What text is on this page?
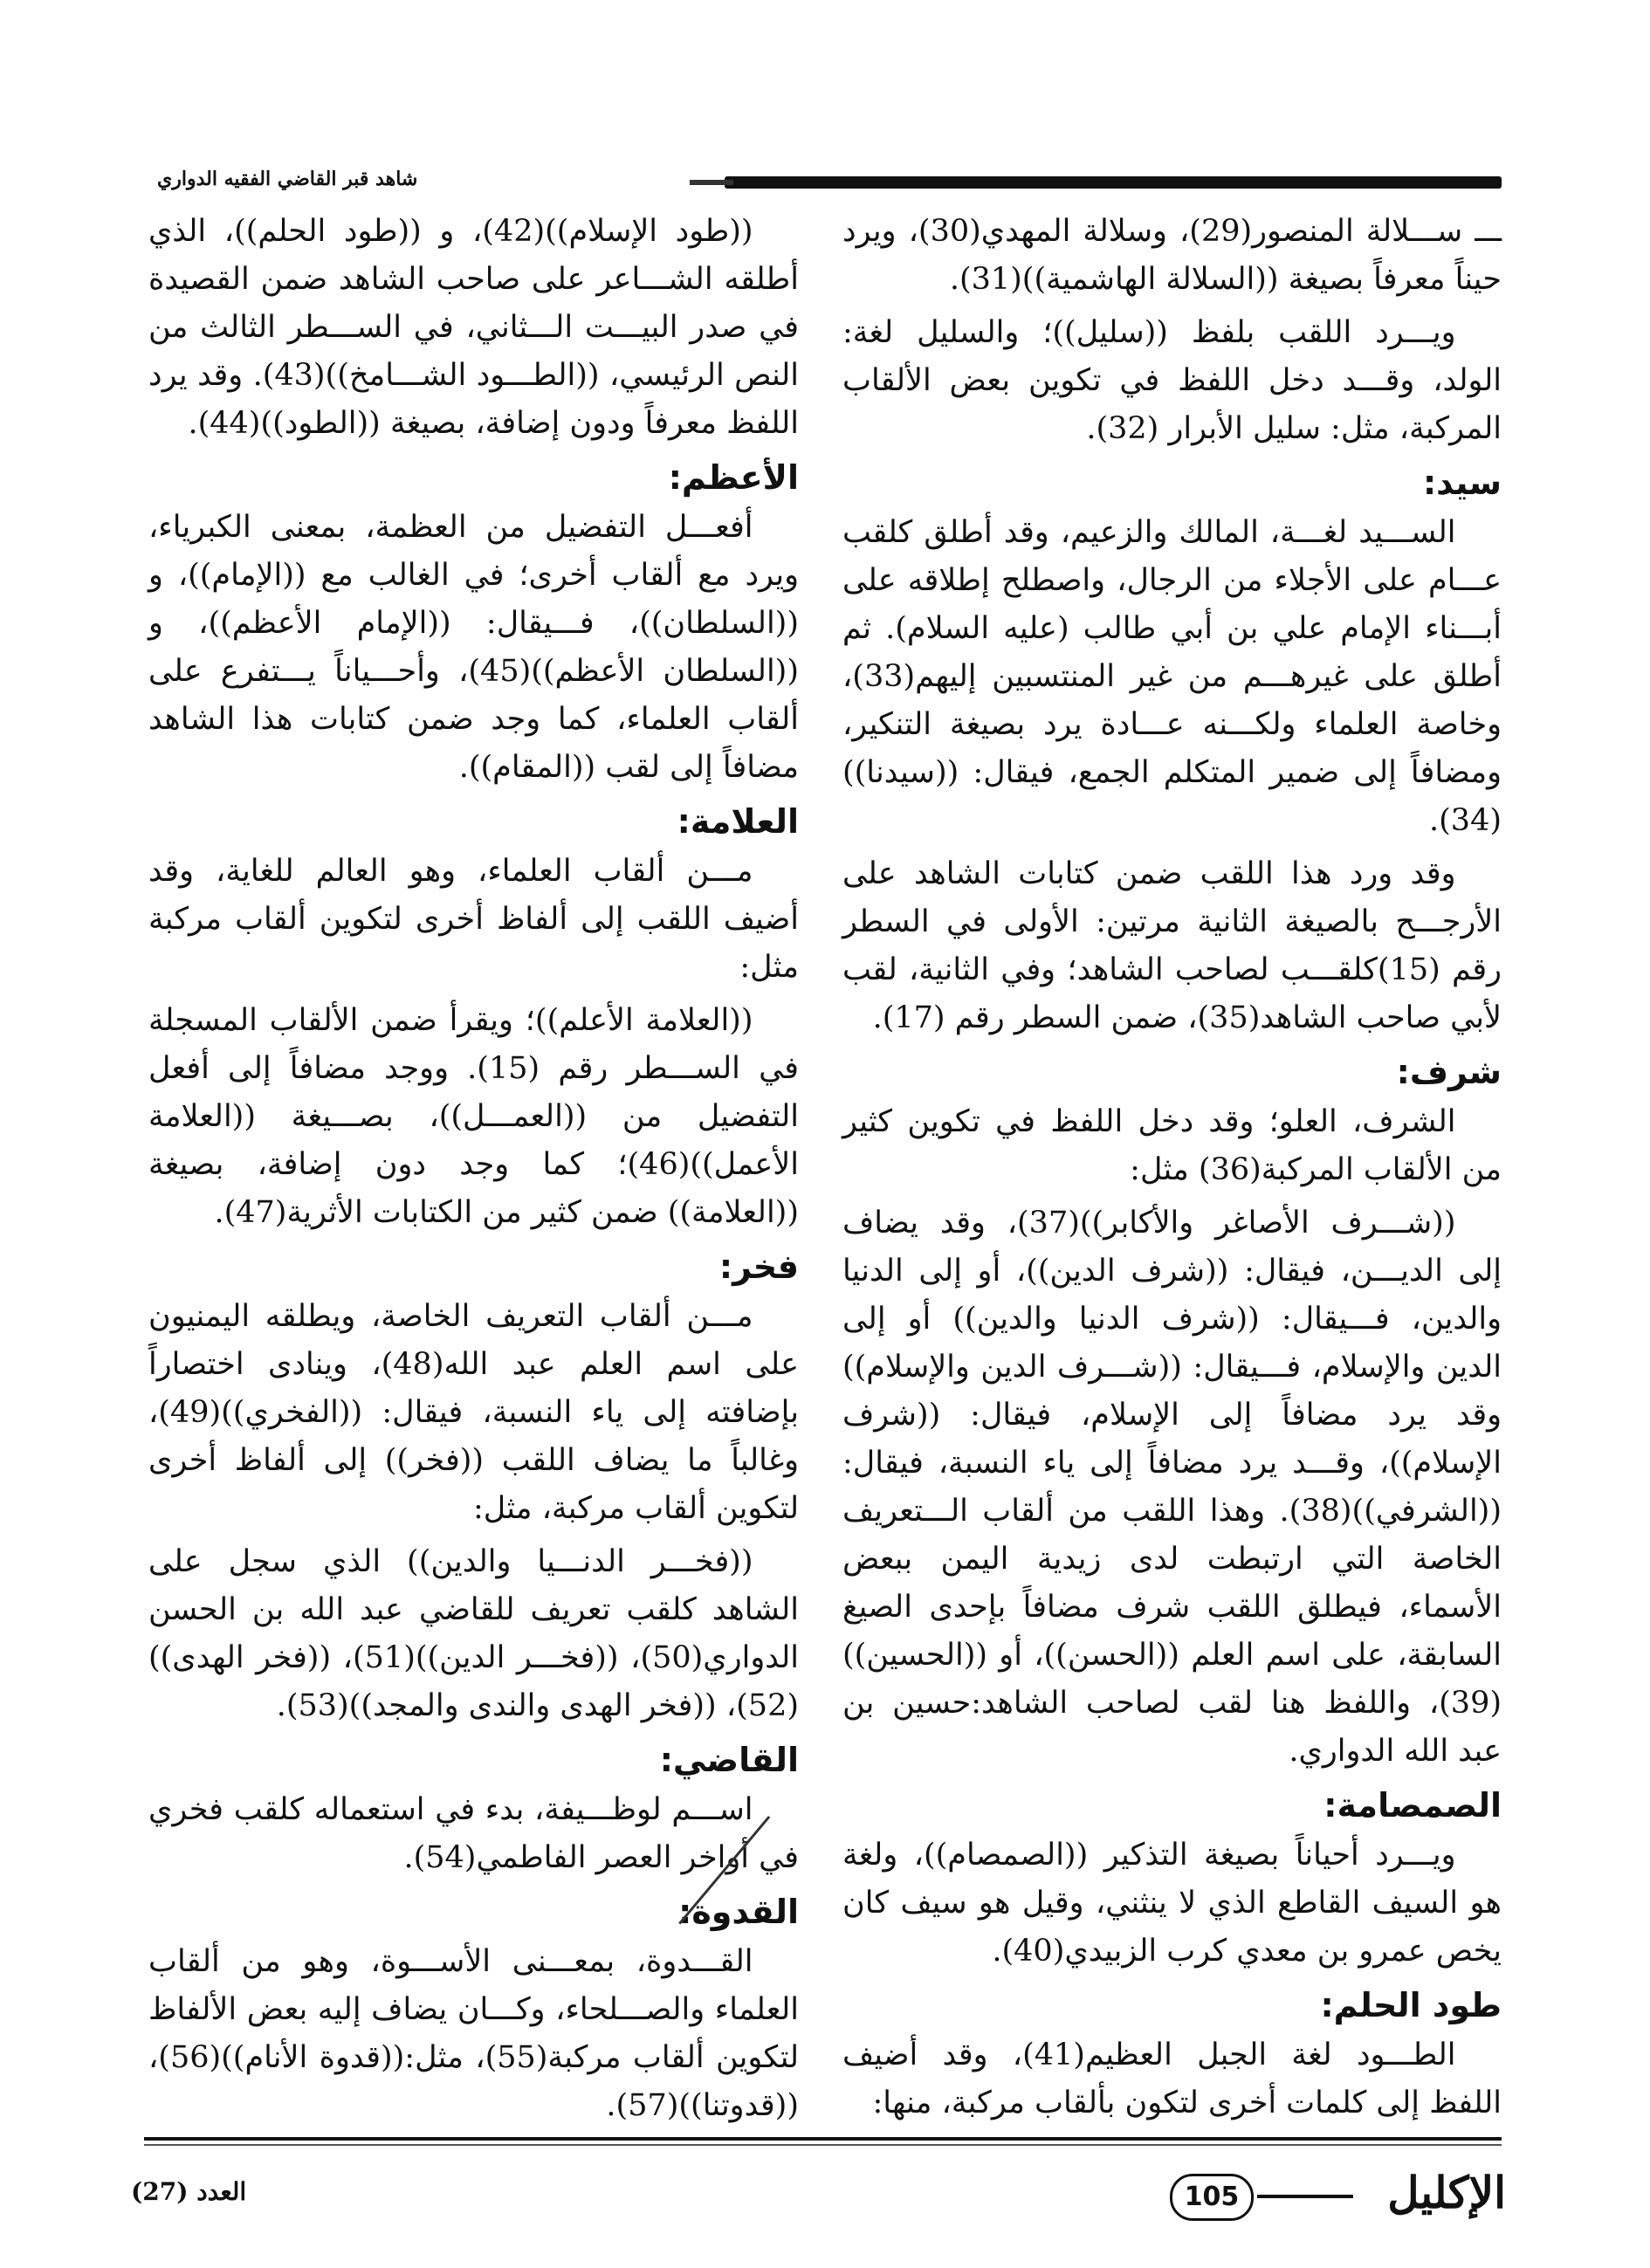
شاهد قبر القاضي الفقيه الدواري

ـــ ســـلالة المنصور(29)، وسلالة المهدي(30)، ويرد حيناً معرفاً بصيغة ((السلالة الهاشمية))(31).

ويـــرد اللقب بلفظ ((سليل))؛ والسليل لغة: الولد، وقـــد دخل اللفظ في تكوين بعض الألقاب المركبة، مثل: سليل الأبرار (32).

سيد:

الســـيد لغـــة، المالك والزعيم، وقد أطلق كلقب عـــام على الأجلاء من الرجال، واصطلح إطلاقه على أبـــناء الإمام علي بن أبي طالب (عليه السلام). ثم أطلق على غيرهـــم من غير المنتسبين إليهم(33)، وخاصة العلماء ولكـــنه عـــادة يرد بصيغة التنكير، ومضافاً إلى ضمير المتكلم الجمع، فيقال: ((سيدنا))(34).

وقد ورد هذا اللقب ضمن كتابات الشاهد على الأرجـــح بالصيغة الثانية مرتين: الأولى في السطر رقم (15)كلقـــب لصاحب الشاهد؛ وفي الثانية، لقب لأبي صاحب الشاهد(35)، ضمن السطر رقم (17).

شرف:

الشرف، العلو؛ وقد دخل اللفظ في تكوين كثير من الألقاب المركبة(36) مثل:

((شـــرف الأصاغر والأكابر))(37)، وقد يضاف إلى الديـــن، فيقال: ((شرف الدين))، أو إلى الدنيا والدين، فـــيقال: ((شرف الدنيا والدين)) أو إلى الدين والإسلام، فـــيقال: ((شـــرف الدين والإسلام)) وقد يرد مضافاً إلى الإسلام، فيقال: ((شرف الإسلام))، وقـــد يرد مضافاً إلى ياء النسبة، فيقال: ((الشرفي))(38). وهذا اللقب من ألقاب الـــتعريف الخاصة التي ارتبطت لدى زيدية اليمن ببعض الأسماء، فيطلق اللقب شرف مضافاً بإحدى الصيغ السابقة، على اسم العلم ((الحسن))، أو ((الحسين))(39)، واللفظ هنا لقب لصاحب الشاهد:حسين بن عبد الله الدواري.

الصمصامة:

ويـــرد أحياناً بصيغة التذكير ((الصمصام))، ولغة هو السيف القاطع الذي لا ينثني، وقيل هو سيف كان يخص عمرو بن معدي كرب الزبيدي(40).

طود الحلم:

الطـــود لغة الجبل العظيم(41)، وقد أضيف اللفظ إلى كلمات أخرى لتكون بألقاب مركبة، منها:

((طود الإسلام))(42)، و ((طود الحلم))، الذي أطلقه الشـــاعر على صاحب الشاهد ضمن القصيدة في صدر البيـــت الـــثاني، في الســـطر الثالث من النص الرئيسي، ((الطـــود الشـــامخ))(43). وقد يرد اللفظ معرفاً ودون إضافة، بصيغة ((الطود))(44).

الأعظم:

أفعـــل التفضيل من العظمة، بمعنى الكبرياء، ويرد مع ألقاب أخرى؛ في الغالب مع ((الإمام))، و ((السلطان))، فـــيقال: ((الإمام الأعظم))، و ((السلطان الأعظم))(45)، وأحـــياناً يـــتفرع على ألقاب العلماء، كما وجد ضمن كتابات هذا الشاهد مضافاً إلى لقب ((المقام)).

العلامة:

مـــن ألقاب العلماء، وهو العالم للغاية، وقد أضيف اللقب إلى ألفاظ أخرى لتكوين ألقاب مركبة مثل:

((العلامة الأعلم))؛ ويقرأ ضمن الألقاب المسجلة في الســـطر رقم (15). ووجد مضافاً إلى أفعل التفضيل من ((العمـــل))، بصـــيغة ((العلامة الأعمل))(46)؛ كما وجد دون إضافة، بصيغة ((العلامة)) ضمن كثير من الكتابات الأثرية(47).

فخر:

مـــن ألقاب التعريف الخاصة، ويطلقه اليمنيون على اسم العلم عبد الله(48)، وينادى اختصاراً بإضافته إلى ياء النسبة، فيقال: ((الفخري))(49)، وغالباً ما يضاف اللقب ((فخر)) إلى ألفاظ أخرى لتكوين ألقاب مركبة، مثل:

((فخـــر الدنـــيا والدين)) الذي سجل على الشاهد كلقب تعريف للقاضي عبد الله بن الحسن الدواري(50)، ((فخـــر الدين))(51)، ((فخر الهدى))(52)، ((فخر الهدى والندى والمجد))(53).

القاضي:

اســـم لوظـــيفة، بدء في استعماله كلقب فخري في أواخر العصر الفاطمي(54).

القدوة:

القـــدوة، بمعـــنى الأســـوة، وهو من ألقاب العلماء والصـــلحاء، وكـــان يضاف إليه بعض الألفاظ لتكوين ألقاب مركبة(55)، مثل:((قدوة الأنام))(56)، ((قدوتنا))(57).

الإكليل
105
العدد (27)
